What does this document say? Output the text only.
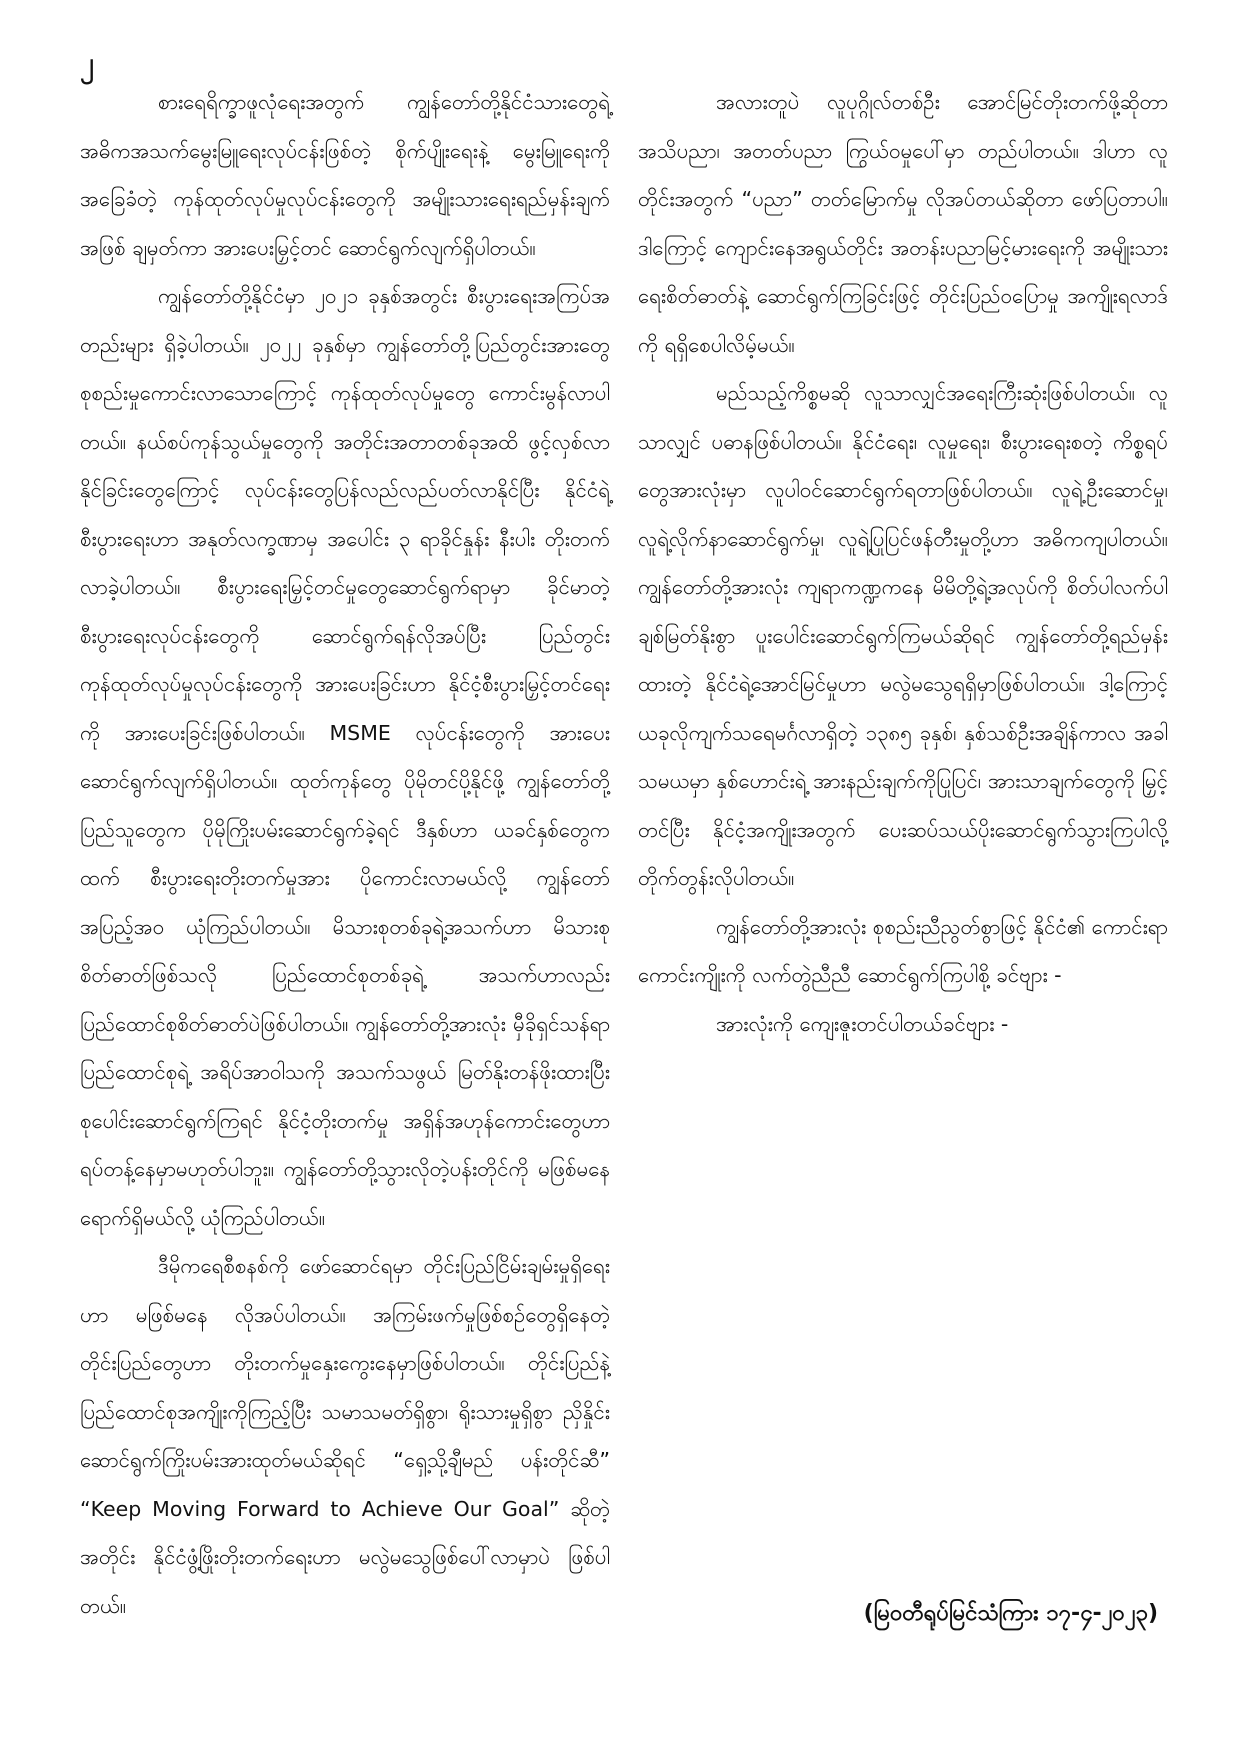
၂

စားရေရိက္ခာဖူလုံရေးအတွက် ကျွန်တော်တို့နိုင်ငံသားတွေရဲ့ အဓိကအသက်မွေးမြူရေးလုပ်ငန်းဖြစ်တဲ့ စိုက်ပျိုးရေးနဲ့ မွေးမြူရေးကိုအခြေခံတဲ့ ကုန်ထုတ်လုပ်မှုလုပ်ငန်းတွေကို အမျိုးသားရေးရည်မှန်းချက်အဖြစ် ချမှတ်ကာ အားပေးမြှင့်တင် ဆောင်ရွက်လျက်ရှိပါတယ်။

ကျွန်တော်တို့နိုင်ငံမှာ ၂၀၂၁ ခုနှစ်အတွင်း စီးပွားရေးအကြပ်အတည်းများ ရှိခဲ့ပါတယ်။ ၂၀၂၂ ခုနှစ်မှာ ကျွန်တော်တို့ပြည်တွင်းအားတွေ စုစည်းမှုကောင်းလာသောကြောင့် ကုန်ထုတ်လုပ်မှုတွေ ကောင်းမွန်လာပါတယ်။ နယ်စပ်ကုန်သွယ်မှုတွေကို အတိုင်းအတာတစ်ခုအထိ ဖွင့်လှစ်လာနိုင်ခြင်းတွေကြောင့် လုပ်ငန်းတွေပြန်လည်လည်ပတ်လာနိုင်ပြီး နိုင်ငံရဲ့စီးပွားရေးဟာ အနုတ်လက္ခဏာမှ အပေါင်း ၃ ရာခိုင်နှုန်း နီးပါး တိုးတက်လာခဲ့ပါတယ်။ စီးပွားရေးမြှင့်တင်မှုတွေဆောင်ရွက်ရာမှာ ခိုင်မာတဲ့ စီးပွားရေးလုပ်ငန်းတွေကို ဆောင်ရွက်ရန်လိုအပ်ပြီး ပြည်တွင်းကုန်ထုတ်လုပ်မှုလုပ်ငန်းတွေကို အားပေးခြင်းဟာ နိုင်ငံ့စီးပွားမြှင့်တင်ရေးကို အားပေးခြင်းဖြစ်ပါတယ်။ MSME လုပ်ငန်းတွေကို အားပေးဆောင်ရွက်လျက်ရှိပါတယ်။ ထုတ်ကုန်တွေ ပိုမိုတင်ပို့နိုင်ဖို့ ကျွန်တော်တို့ပြည်သူတွေက ပိုမိုကြိုးပမ်းဆောင်ရွက်ခဲ့ရင် ဒီနှစ်ဟာ ယခင်နှစ်တွေကထက် စီးပွားရေးတိုးတက်မှုအား ပိုကောင်းလာမယ်လို့ ကျွန်တော်အပြည့်အဝ ယုံကြည်ပါတယ်။ မိသားစုတစ်ခုရဲ့အသက်ဟာ မိသားစုစိတ်ဓာတ်ဖြစ်သလို ပြည်ထောင်စုတစ်ခုရဲ့ အသက်ဟာလည်း ပြည်ထောင်စုစိတ်ဓာတ်ပဲဖြစ်ပါတယ်။ ကျွန်တော်တို့အားလုံး မှီခိုရှင်သန်ရာ ပြည်ထောင်စုရဲ့ အရိပ်အာဝါသကို အသက်သဖွယ် မြတ်နိုးတန်ဖိုးထားပြီး စုပေါင်းဆောင်ရွက်ကြရင် နိုင်ငံ့တိုးတက်မှု အရှိန်အဟုန်ကောင်းတွေဟာ ရပ်တန့်နေမှာမဟုတ်ပါဘူး။ ကျွန်တော်တို့သွားလိုတဲ့ပန်းတိုင်ကို မဖြစ်မနေရောက်ရှိမယ်လို့ ယုံကြည်ပါတယ်။

ဒီမိုကရေစီစနစ်ကို ဖော်ဆောင်ရမှာ တိုင်းပြည်ငြိမ်းချမ်းမှုရှိရေးဟာ မဖြစ်မနေ လိုအပ်ပါတယ်။ အကြမ်းဖက်မှုဖြစ်စဉ်တွေရှိနေတဲ့ တိုင်းပြည်တွေဟာ တိုးတက်မှုနှေးကွေးနေမှာဖြစ်ပါတယ်။ တိုင်းပြည်နဲ့ ပြည်ထောင်စုအကျိုးကိုကြည့်ပြီး သမာသမတ်ရှိစွာ၊ ရိုးသားမှုရှိစွာ ညှိနှိုင်းဆောင်ရွက်ကြိုးပမ်းအားထုတ်မယ်ဆိုရင် “ရှေ့သို့ချီမည် ပန်းတိုင်ဆီ” “Keep Moving Forward to Achieve Our Goal” ဆိုတဲ့အတိုင်း နိုင်ငံဖွံ့ဖြိုးတိုးတက်ရေးဟာ မလွဲမသွေဖြစ်ပေါ်လာမှာပဲ ဖြစ်ပါတယ်။

အလားတူပဲ လူပုဂ္ဂိုလ်တစ်ဦး အောင်မြင်တိုးတက်ဖို့ဆိုတာ အသိပညာ၊ အတတ်ပညာ ကြွယ်ဝမှုပေါ်မှာ တည်ပါတယ်။ ဒါဟာ လူတိုင်းအတွက် “ပညာ” တတ်မြောက်မှု လိုအပ်တယ်ဆိုတာ ဖော်ပြတာပါ။ ဒါကြောင့် ကျောင်းနေအရွယ်တိုင်း အတန်းပညာမြင့်မားရေးကို အမျိုးသားရေးစိတ်ဓာတ်နဲ့ ဆောင်ရွက်ကြခြင်းဖြင့် တိုင်းပြည်ဝပြောမှု အကျိုးရလာဒ်ကို ရရှိစေပါလိမ့်မယ်။

မည်သည့်ကိစ္စမဆို လူသာလျှင်အရေးကြီးဆုံးဖြစ်ပါတယ်။ လူသာလျှင် ပဓာနဖြစ်ပါတယ်။ နိုင်ငံရေး၊ လူမှုရေး၊ စီးပွားရေးစတဲ့ ကိစ္စရပ်တွေအားလုံးမှာ လူပါဝင်ဆောင်ရွက်ရတာဖြစ်ပါတယ်။ လူရဲ့ဦးဆောင်မှု၊ လူရဲ့လိုက်နာဆောင်ရွက်မှု၊ လူရဲ့ပြုပြင်ဖန်တီးမှုတို့ဟာ အဓိကကျပါတယ်။ ကျွန်တော်တို့အားလုံး ကျရာကဏ္ဍကနေ မိမိတို့ရဲ့အလုပ်ကို စိတ်ပါလက်ပါ ချစ်မြတ်နိုးစွာ ပူးပေါင်းဆောင်ရွက်ကြမယ်ဆိုရင် ကျွန်တော်တို့ရည်မှန်းထားတဲ့ နိုင်ငံရဲ့အောင်မြင်မှုဟာ မလွဲမသွေရရှိမှာဖြစ်ပါတယ်။ ဒါ့ကြောင့် ယခုလိုကျက်သရေမင်္ဂလာရှိတဲ့ ၁၃၈၅ ခုနှစ်၊ နှစ်သစ်ဦးအချိန်ကာလ အခါသမယမှာ နှစ်ဟောင်းရဲ့ အားနည်းချက်ကိုပြုပြင်၊ အားသာချက်တွေကို မြှင့်တင်ပြီး နိုင်ငံ့အကျိုးအတွက် ပေးဆပ်သယ်ပိုးဆောင်ရွက်သွားကြပါလို့ တိုက်တွန်းလိုပါတယ်။

ကျွန်တော်တို့အားလုံး စုစည်းညီညွတ်စွာဖြင့် နိုင်ငံ၏ ကောင်းရာကောင်းကျိုးကို လက်တွဲညီညီ ဆောင်ရွက်ကြပါစို့ ခင်ဗျား -

အားလုံးကို ကျေးဇူးတင်ပါတယ်ခင်ဗျား -

(မြဝတီရုပ်မြင်သံကြား ၁၇-၄-၂၀၂၃)
